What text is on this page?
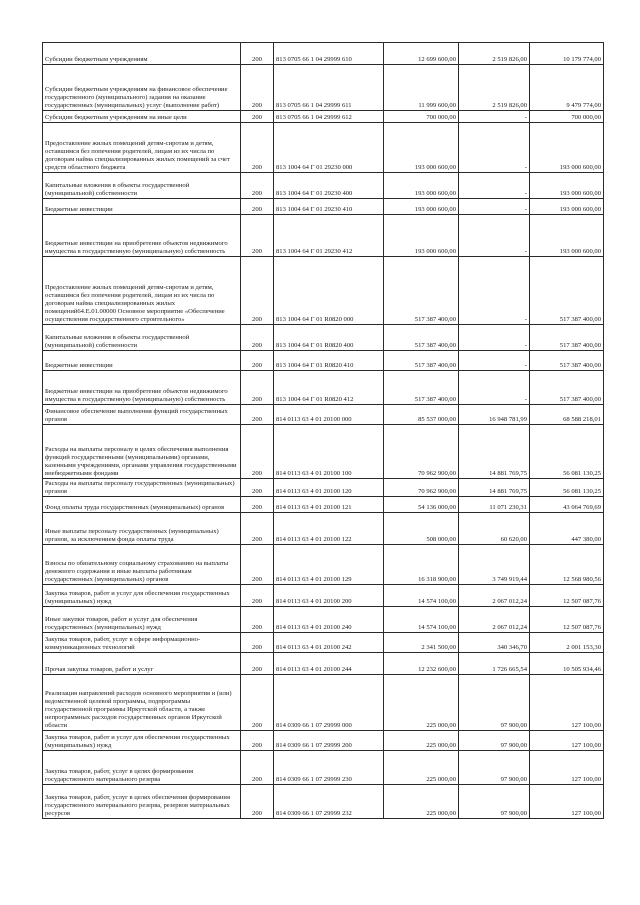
Субсидии бюджетным учреждениям	200	813 0705 66 1 04 29999 610	12 699 600,00	2 519 826,00	10 179 774,00
Субсидии бюджетным учреждениям на финансовое обеспечение государственного (муниципального) задания на оказание государственных (муниципальных) услуг (выполнение работ)	200	813 0705 66 1 04 29999 611	11 999 600,00	2 519 826,00	9 479 774,00
Субсидии бюджетным учреждениям на иные цели	200	813 0705 66 1 04 29999 612	700 000,00	-	700 000,00
Предоставление жилых помещений детям-сиротам и детям, оставшимся без попечения родителей, лицам из их числа по договорам найма специализированных жилых помещений за счет средств областного бюджета	200	813 1004 64 Г 01 29230 000	193 000 600,00	-	193 000 600,00
Капитальные вложения в объекты государственной (муниципальной) собственности	200	813 1004 64 Г 01 29230 400	193 000 600,00	-	193 000 600,00
Бюджетные инвестиции	200	813 1004 64 Г 01 29230 410	193 000 600,00	-	193 000 600,00
Бюджетные инвестиции на приобретение объектов недвижимого имущества в государственную (муниципальную) собственность	200	813 1004 64 Г 01 29230 412	193 000 600,00	-	193 000 600,00
Предоставление жилых помещений детям-сиротам и детям, оставшимся без попечения родителей, лицам из их числа по договорам найма специализированных жилых помещений64.Е.01.00000 Основное мероприятие «Обеспечение осуществления государственного строительного»	200	813 1004 64 Г 01 R0820 000	517 387 400,00	-	517 387 400,00
Капитальные вложения в объекты государственной (муниципальной) собственности	200	813 1004 64 Г 01 R0820 400	517 387 400,00	-	517 387 400,00
Бюджетные инвестиции	200	813 1004 64 Г 01 R0820 410	517 387 400,00	-	517 387 400,00
Бюджетные инвестиции на приобретение объектов недвижимого имущества в государственную (муниципальную) собственность	200	813 1004 64 Г 01 R0820 412	517 387 400,00	-	517 387 400,00
Финансовое обеспечение выполнения функций государственных органов	200	814 0113 63 4 01 20100 000	85 537 000,00	16 948 781,99	68 588 218,01
Расходы на выплаты персоналу в целях обеспечения выполнения функций государственными (муниципальными) органами, казенными учреждениями, органами управления государственными внебюджетными фондами	200	814 0113 63 4 01 20100 100	70 962 900,00	14 881 769,75	56 081 130,25
Расходы на выплаты персоналу государственных (муниципальных) органов	200	814 0113 63 4 01 20100 120	70 962 900,00	14 881 769,75	56 081 130,25
Фонд оплаты труда государственных (муниципальных) органов	200	814 0113 63 4 01 20100 121	54 136 000,00	11 071 230,31	43 064 769,69
Иные выплаты персоналу государственных (муниципальных) органов, за исключением фонда оплаты труда	200	814 0113 63 4 01 20100 122	508 000,00	60 620,00	447 380,00
Взносы по обязательному социальному страхованию на выплаты денежного содержания и иные выплаты работникам государственных (муниципальных) органов	200	814 0113 63 4 01 20100 129	16 318 900,00	3 749 919,44	12 568 980,56
Закупка товаров, работ и услуг для обеспечения государственных (муниципальных) нужд	200	814 0113 63 4 01 20100 200	14 574 100,00	2 067 012,24	12 507 087,76
Иные закупки товаров, работ и услуг для обеспечения государственных (муниципальных) нужд	200	814 0113 63 4 01 20100 240	14 574 100,00	2 067 012,24	12 507 087,76
Закупка товаров, работ, услуг в сфере информационно-коммуникационных технологий	200	814 0113 63 4 01 20100 242	2 341 500,00	340 346,70	2 001 153,30
Прочая закупка товаров, работ и услуг	200	814 0113 63 4 01 20100 244	12 232 600,00	1 726 665,54	10 505 934,46
Реализация направлений расходов основного мероприятия и (или) ведомственной целевой программы, подпрограммы государственной программы Иркутской области, а также непрограммных расходов государственных органов Иркутской области	200	814 0309 66 1 07 29999 000	225 000,00	97 900,00	127 100,00
Закупка товаров, работ и услуг для обеспечения государственных (муниципальных) нужд	200	814 0309 66 1 07 29999 200	225 000,00	97 900,00	127 100,00
Закупка товаров, работ, услуг в целях формирования государственного материального резерва	200	814 0309 66 1 07 29999 230	225 000,00	97 900,00	127 100,00
Закупка товаров, работ, услуг в целях обеспечения формирования государственного материального резерва, резервов материальных ресурсов	200	814 0309 66 1 07 29999 232	225 000,00	97 900,00	127 100,00
